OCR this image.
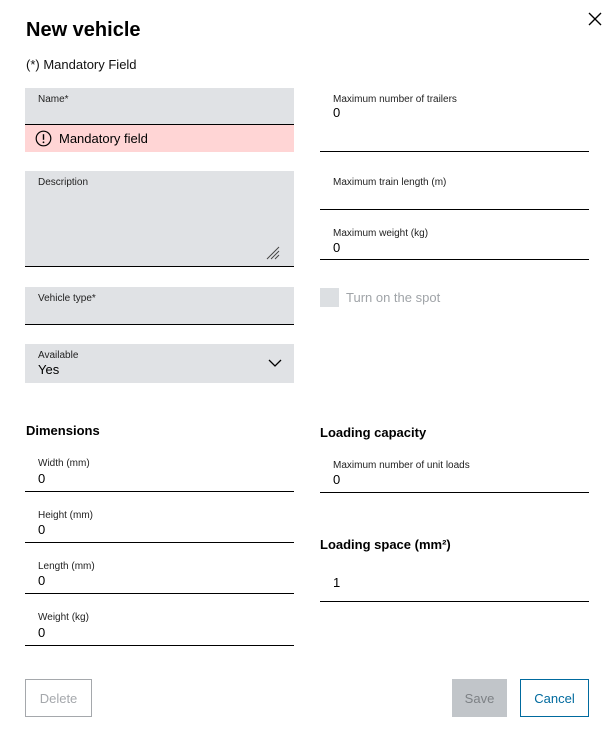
New vehicle
(*) Mandatory Field
Name*
Mandatory field
Description
Vehicle type*
Available
Yes
Maximum number of trailers
0
Maximum train length (m)
Maximum weight (kg)
0
Turn on the spot
Dimensions
Width (mm)
0
Height (mm)
0
Length (mm)
0
Weight (kg)
0
Loading capacity
Maximum number of unit loads
0
Loading space (mm²)
1
Delete	Save	Cancel
